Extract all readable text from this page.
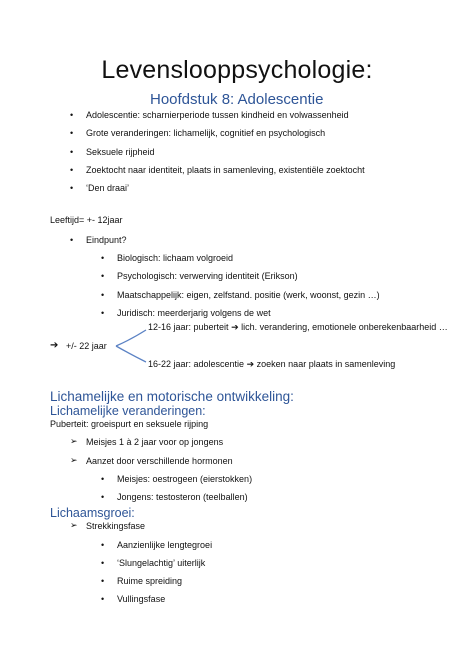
Levenslooppsychologie:
Hoofdstuk 8: Adolescentie
• Adolescentie: scharnierperiode tussen kindheid en volwassenheid
• Grote veranderingen: lichamelijk, cognitief en psychologisch
• Seksuele rijpheid
• Zoektocht naar identiteit, plaats in samenleving, existentiële zoektocht
• ‘Den draai’
Leeftijd= +- 12jaar
• Eindpunt?
• Biologisch: lichaam volgroeid
• Psychologisch: verwerving identiteit (Erikson)
• Maatschappelijk: eigen, zelfstand. positie (werk, woonst, gezin …)
• Juridisch: meerderjarig volgens de wet
➔ +/- 22 jaar
12-16 jaar: puberteit ➔ lich. verandering, emotionele onberekenbaarheid …
16-22 jaar: adolescentie ➔ zoeken naar plaats in samenleving
Lichamelijke en motorische ontwikkeling:
Lichamelijke veranderingen:
Puberteit: groeispurt en seksuele rijping
➢ Meisjes 1 à 2 jaar voor op jongens
➢ Aanzet door verschillende hormonen
• Meisjes: oestrogeen (eierstokken)
• Jongens: testosteron (teelballen)
Lichaamsgroei:
➢ Strekkingsfase
• Aanzienlijke lengtegroei
• ‘Slungelachtig’ uiterlijk
• Ruime spreiding
• Vullingsfase
